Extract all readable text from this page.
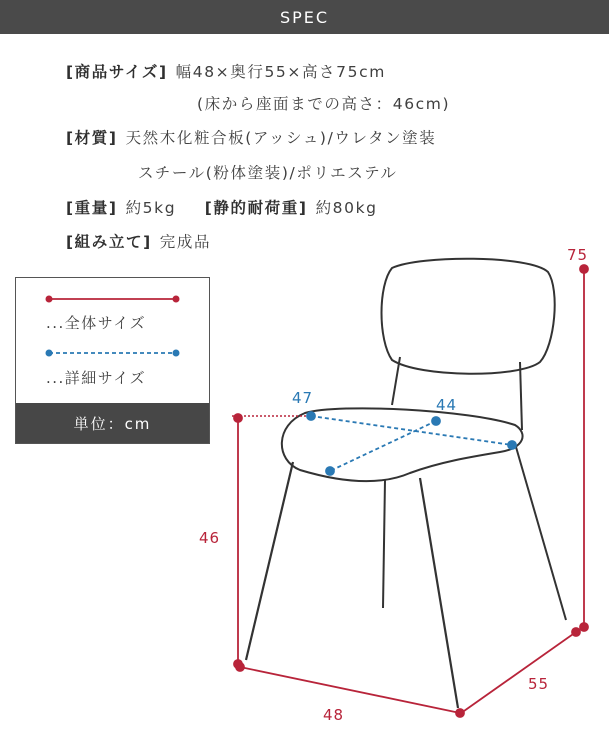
SPEC
[商品サイズ] 幅48×奥行55×高さ75cm
(床から座面までの高さ：46cm)
[材質] 天然木化粧合板(アッシュ)/ウレタン塗装
スチール(粉体塗装)/ポリエステル
[重量] 約5kg [静的耐荷重] 約80kg
[組み立て] 完成品
...全体サイズ
...詳細サイズ
単位：cm
75
46
48
55
47	44
